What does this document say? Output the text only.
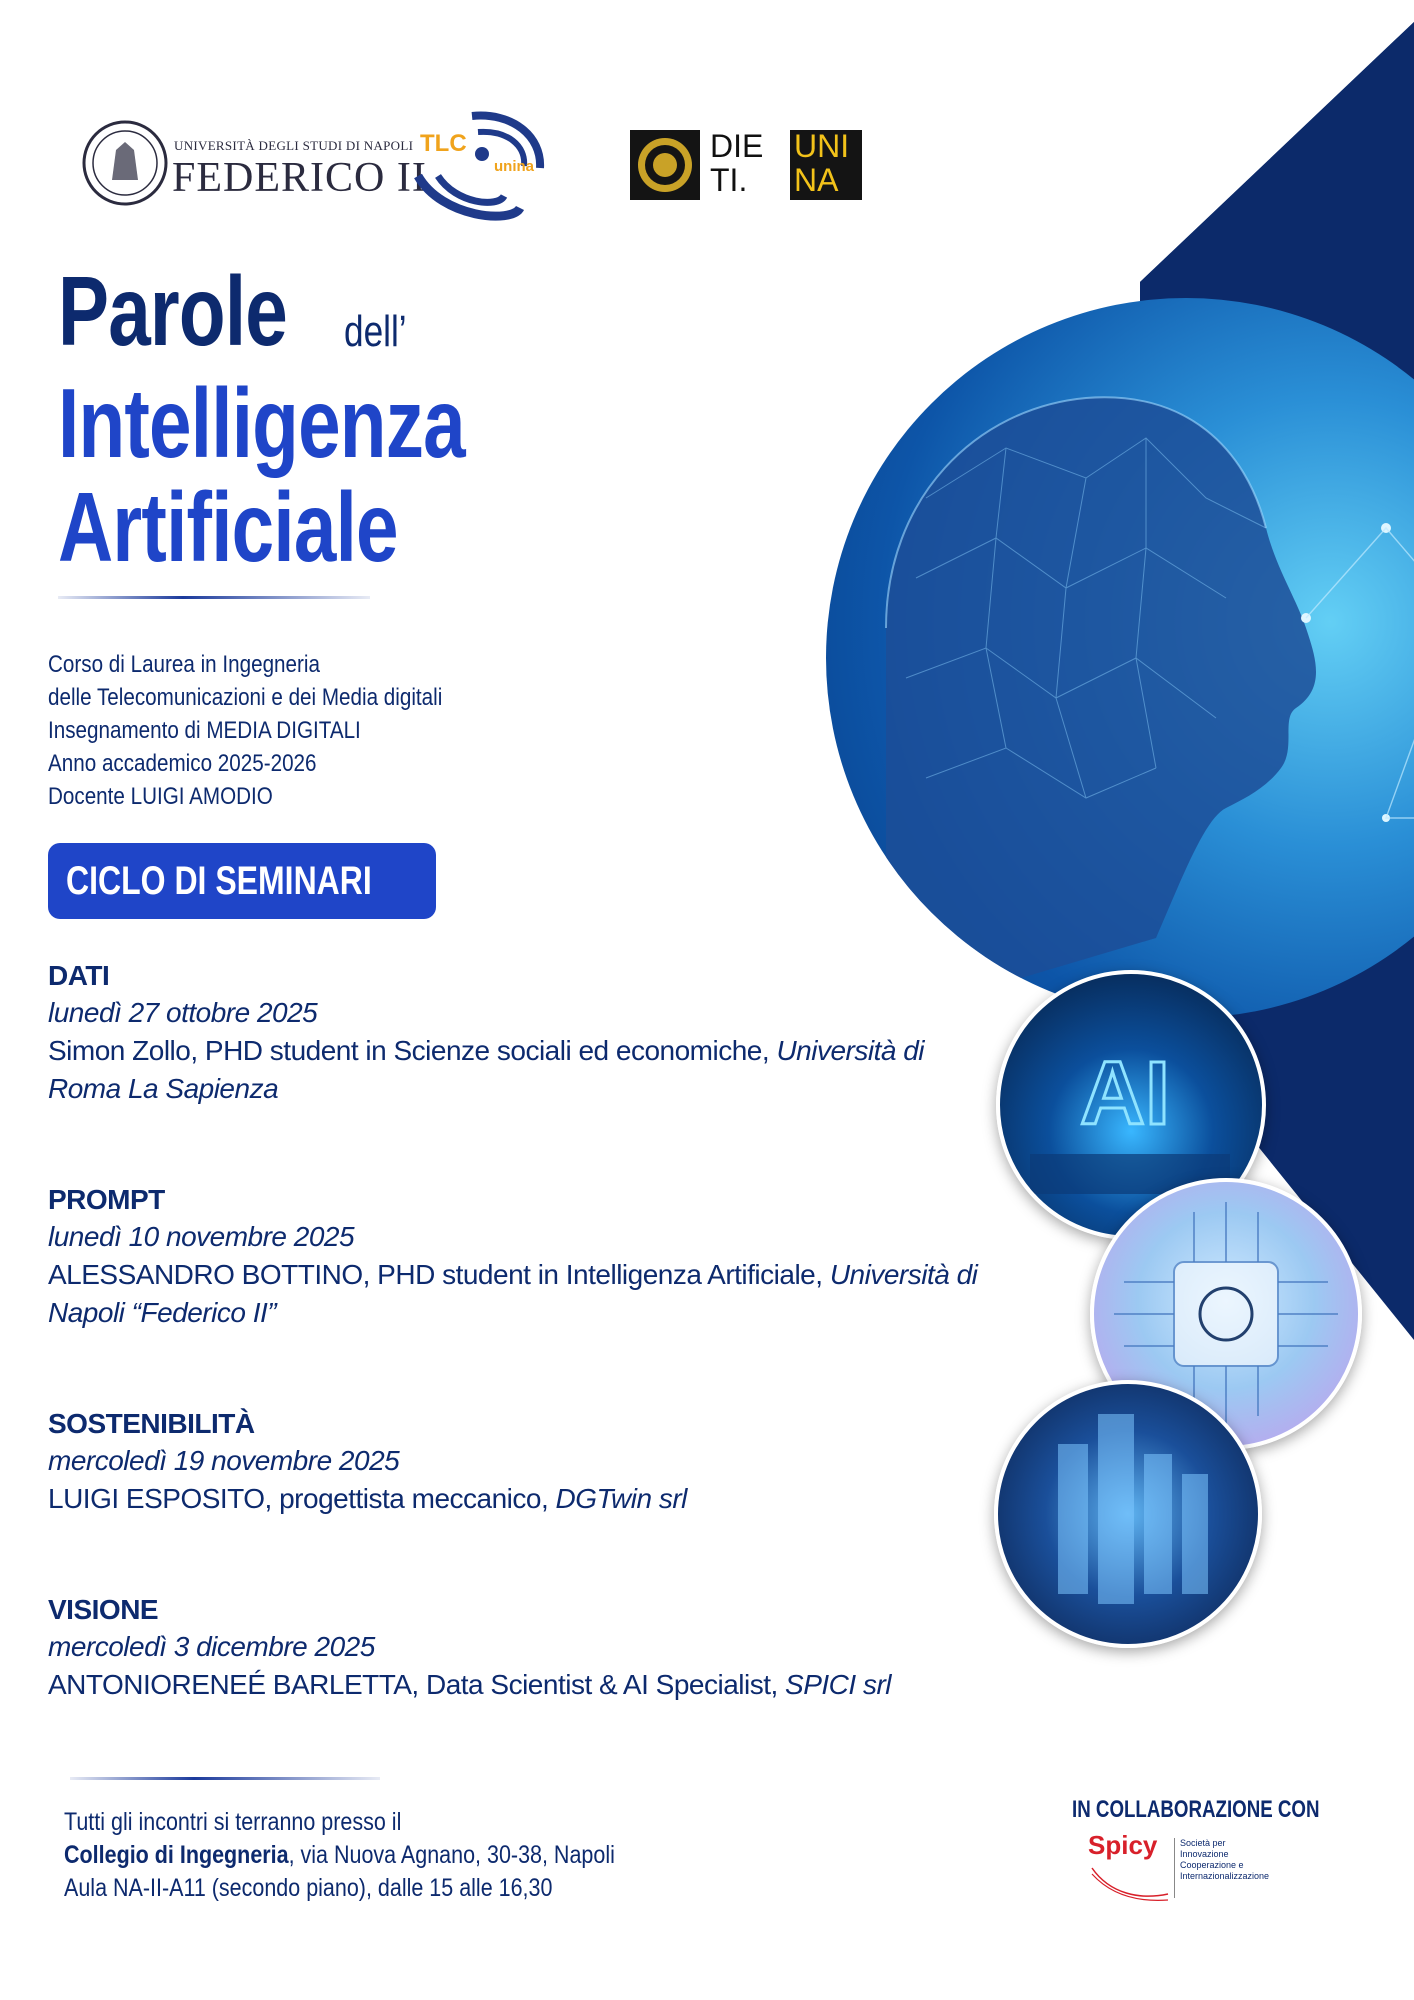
AI
UNIVERSITÀ DEGLI STUDI DI NAPOLI
FEDERICO II
TLC
unina
DIE
TI.
UNI
NA
Parole dell’
Intelligenza
Artificiale
Corso di Laurea in Ingegneria
delle Telecomunicazioni e dei Media digitali
Insegnamento di MEDIA DIGITALI
Anno accademico 2025-2026
Docente LUIGI AMODIO
CICLO DI SEMINARI
DATI
lunedì 27 ottobre 2025
Simon Zollo, PHD student in Scienze sociali ed economiche, Università di Roma La Sapienza
PROMPT
lunedì 10 novembre 2025
ALESSANDRO BOTTINO, PHD student in Intelligenza Artificiale, Università di Napoli “Federico II”
SOSTENIBILITÀ
mercoledì 19 novembre 2025
LUIGI ESPOSITO, progettista meccanico, DGTwin srl
VISIONE
mercoledì 3 dicembre 2025
ANTONIORENEÉ BARLETTA, Data Scientist & AI Specialist, SPICI srl
Tutti gli incontri si terranno presso il
Collegio di Ingegneria, via Nuova Agnano, 30-38, Napoli
Aula NA-II-A11 (secondo piano), dalle 15 alle 16,30
IN COLLABORAZIONE CON
Spicy	Società per
Innovazione
Cooperazione e
Internazionalizzazione
